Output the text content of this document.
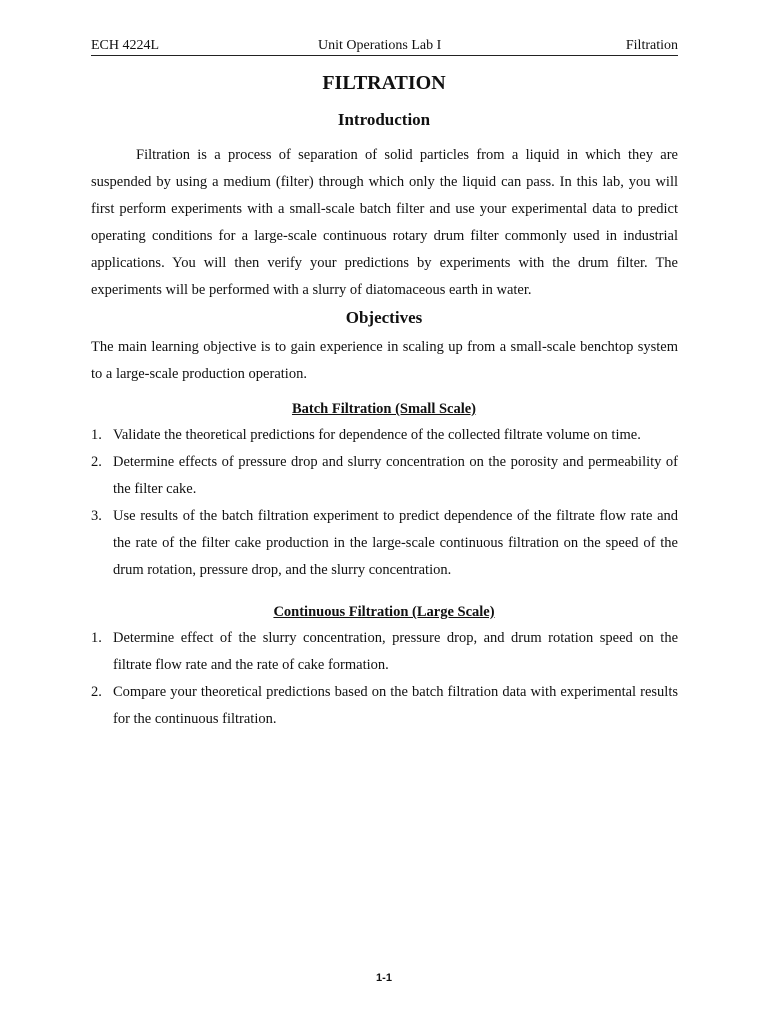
ECH 4224L	Unit Operations Lab I	Filtration
FILTRATION
Introduction

Filtration is a process of separation of solid particles from a liquid in which they are suspended by using a medium (filter) through which only the liquid can pass. In this lab, you will first perform experiments with a small-scale batch filter and use your experimental data to predict operating conditions for a large-scale continuous rotary drum filter commonly used in industrial applications. You will then verify your predictions by experiments with the drum filter. The experiments will be performed with a slurry of diatomaceous earth in water.

Objectives

The main learning objective is to gain experience in scaling up from a small-scale benchtop system to a large-scale production operation.

Batch Filtration (Small Scale)
1. Validate the theoretical predictions for dependence of the collected filtrate volume on time.
2. Determine effects of pressure drop and slurry concentration on the porosity and permeability of the filter cake.
3. Use results of the batch filtration experiment to predict dependence of the filtrate flow rate and the rate of the filter cake production in the large-scale continuous filtration on the speed of the drum rotation, pressure drop, and the slurry concentration.
Continuous Filtration (Large Scale)
1. Determine effect of the slurry concentration, pressure drop, and drum rotation speed on the filtrate flow rate and the rate of cake formation.
2. Compare your theoretical predictions based on the batch filtration data with experimental results for the continuous filtration.
1-1
